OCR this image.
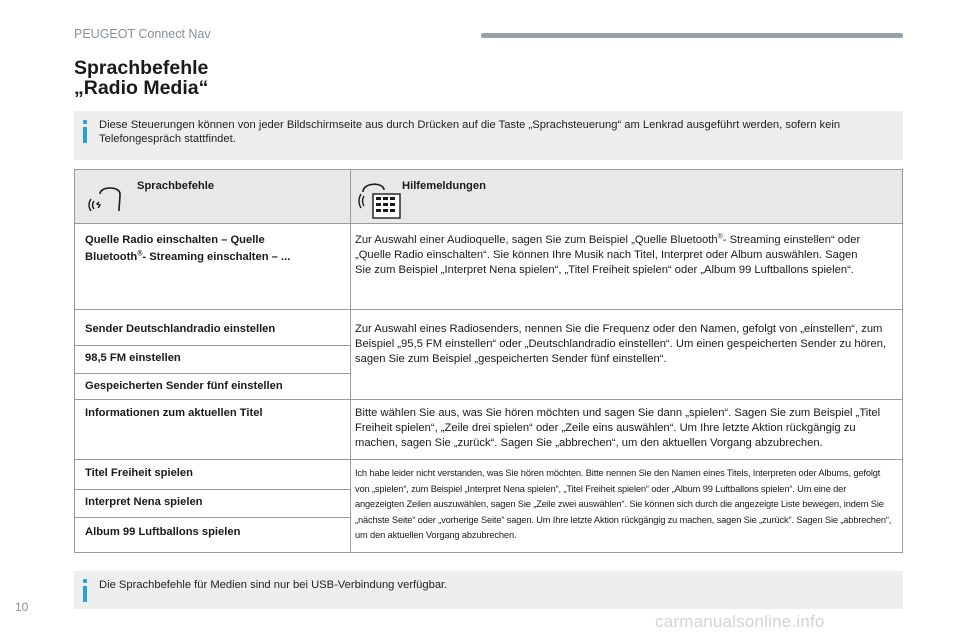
PEUGEOT Connect Nav
Sprachbefehle
„Radio Media“
Diese Steuerungen können von jeder Bildschirmseite aus durch Drücken auf die Taste „Sprachsteuerung“ am Lenkrad ausgeführt werden, sofern kein Telefongespräch stattfindet.
Sprachbefehle	Hilfemeldungen
Quelle Radio einschalten – Quelle
Bluetooth®- Streaming einschalten – ...
Zur Auswahl einer Audioquelle, sagen Sie zum Beispiel „Quelle Bluetooth®- Streaming einstellen“ oder
„Quelle Radio einschalten“. Sie können Ihre Musik nach Titel, Interpret oder Album auswählen. Sagen
Sie zum Beispiel „Interpret Nena spielen“, „Titel Freiheit spielen“ oder „Album 99 Luftballons spielen“.
Sender Deutschlandradio einstellen
98,5 FM einstellen
Gespeicherten Sender fünf einstellen
Zur Auswahl eines Radiosenders, nennen Sie die Frequenz oder den Namen, gefolgt von „einstellen“, zum Beispiel „95,5 FM einstellen“ oder „Deutschlandradio einstellen“. Um einen gespeicherten Sender zu hören, sagen Sie zum Beispiel „gespeicherten Sender fünf einstellen“.
Informationen zum aktuellen Titel	Bitte wählen Sie aus, was Sie hören möchten und sagen Sie dann „spielen“. Sagen Sie zum Beispiel „Titel Freiheit spielen“, „Zeile drei spielen“ oder „Zeile eins auswählen“. Um Ihre letzte Aktion rückgängig zu machen, sagen Sie „zurück“. Sagen Sie „abbrechen“, um den aktuellen Vorgang abzubrechen.
Titel Freiheit spielen
Interpret Nena spielen
Album 99 Luftballons spielen
Ich habe leider nicht verstanden, was Sie hören möchten. Bitte nennen Sie den Namen eines Titels, Interpreten oder Albums, gefolgt von „spielen“, zum Beispiel „Interpret Nena spielen“, „Titel Freiheit spielen“ oder „Album 99 Luftballons spielen“. Um eine der angezeigten Zeilen auszuwählen, sagen Sie „Zeile zwei auswählen“. Sie können sich durch die angezeigte Liste bewegen, indem Sie „nächste Seite“ oder „vorherige Seite“ sagen. Um Ihre letzte Aktion rückgängig zu machen, sagen Sie „zurück“. Sagen Sie „abbrechen“, um den aktuellen Vorgang abzubrechen.
Die Sprachbefehle für Medien sind nur bei USB-Verbindung verfügbar.
10
carmanualsonline.info
